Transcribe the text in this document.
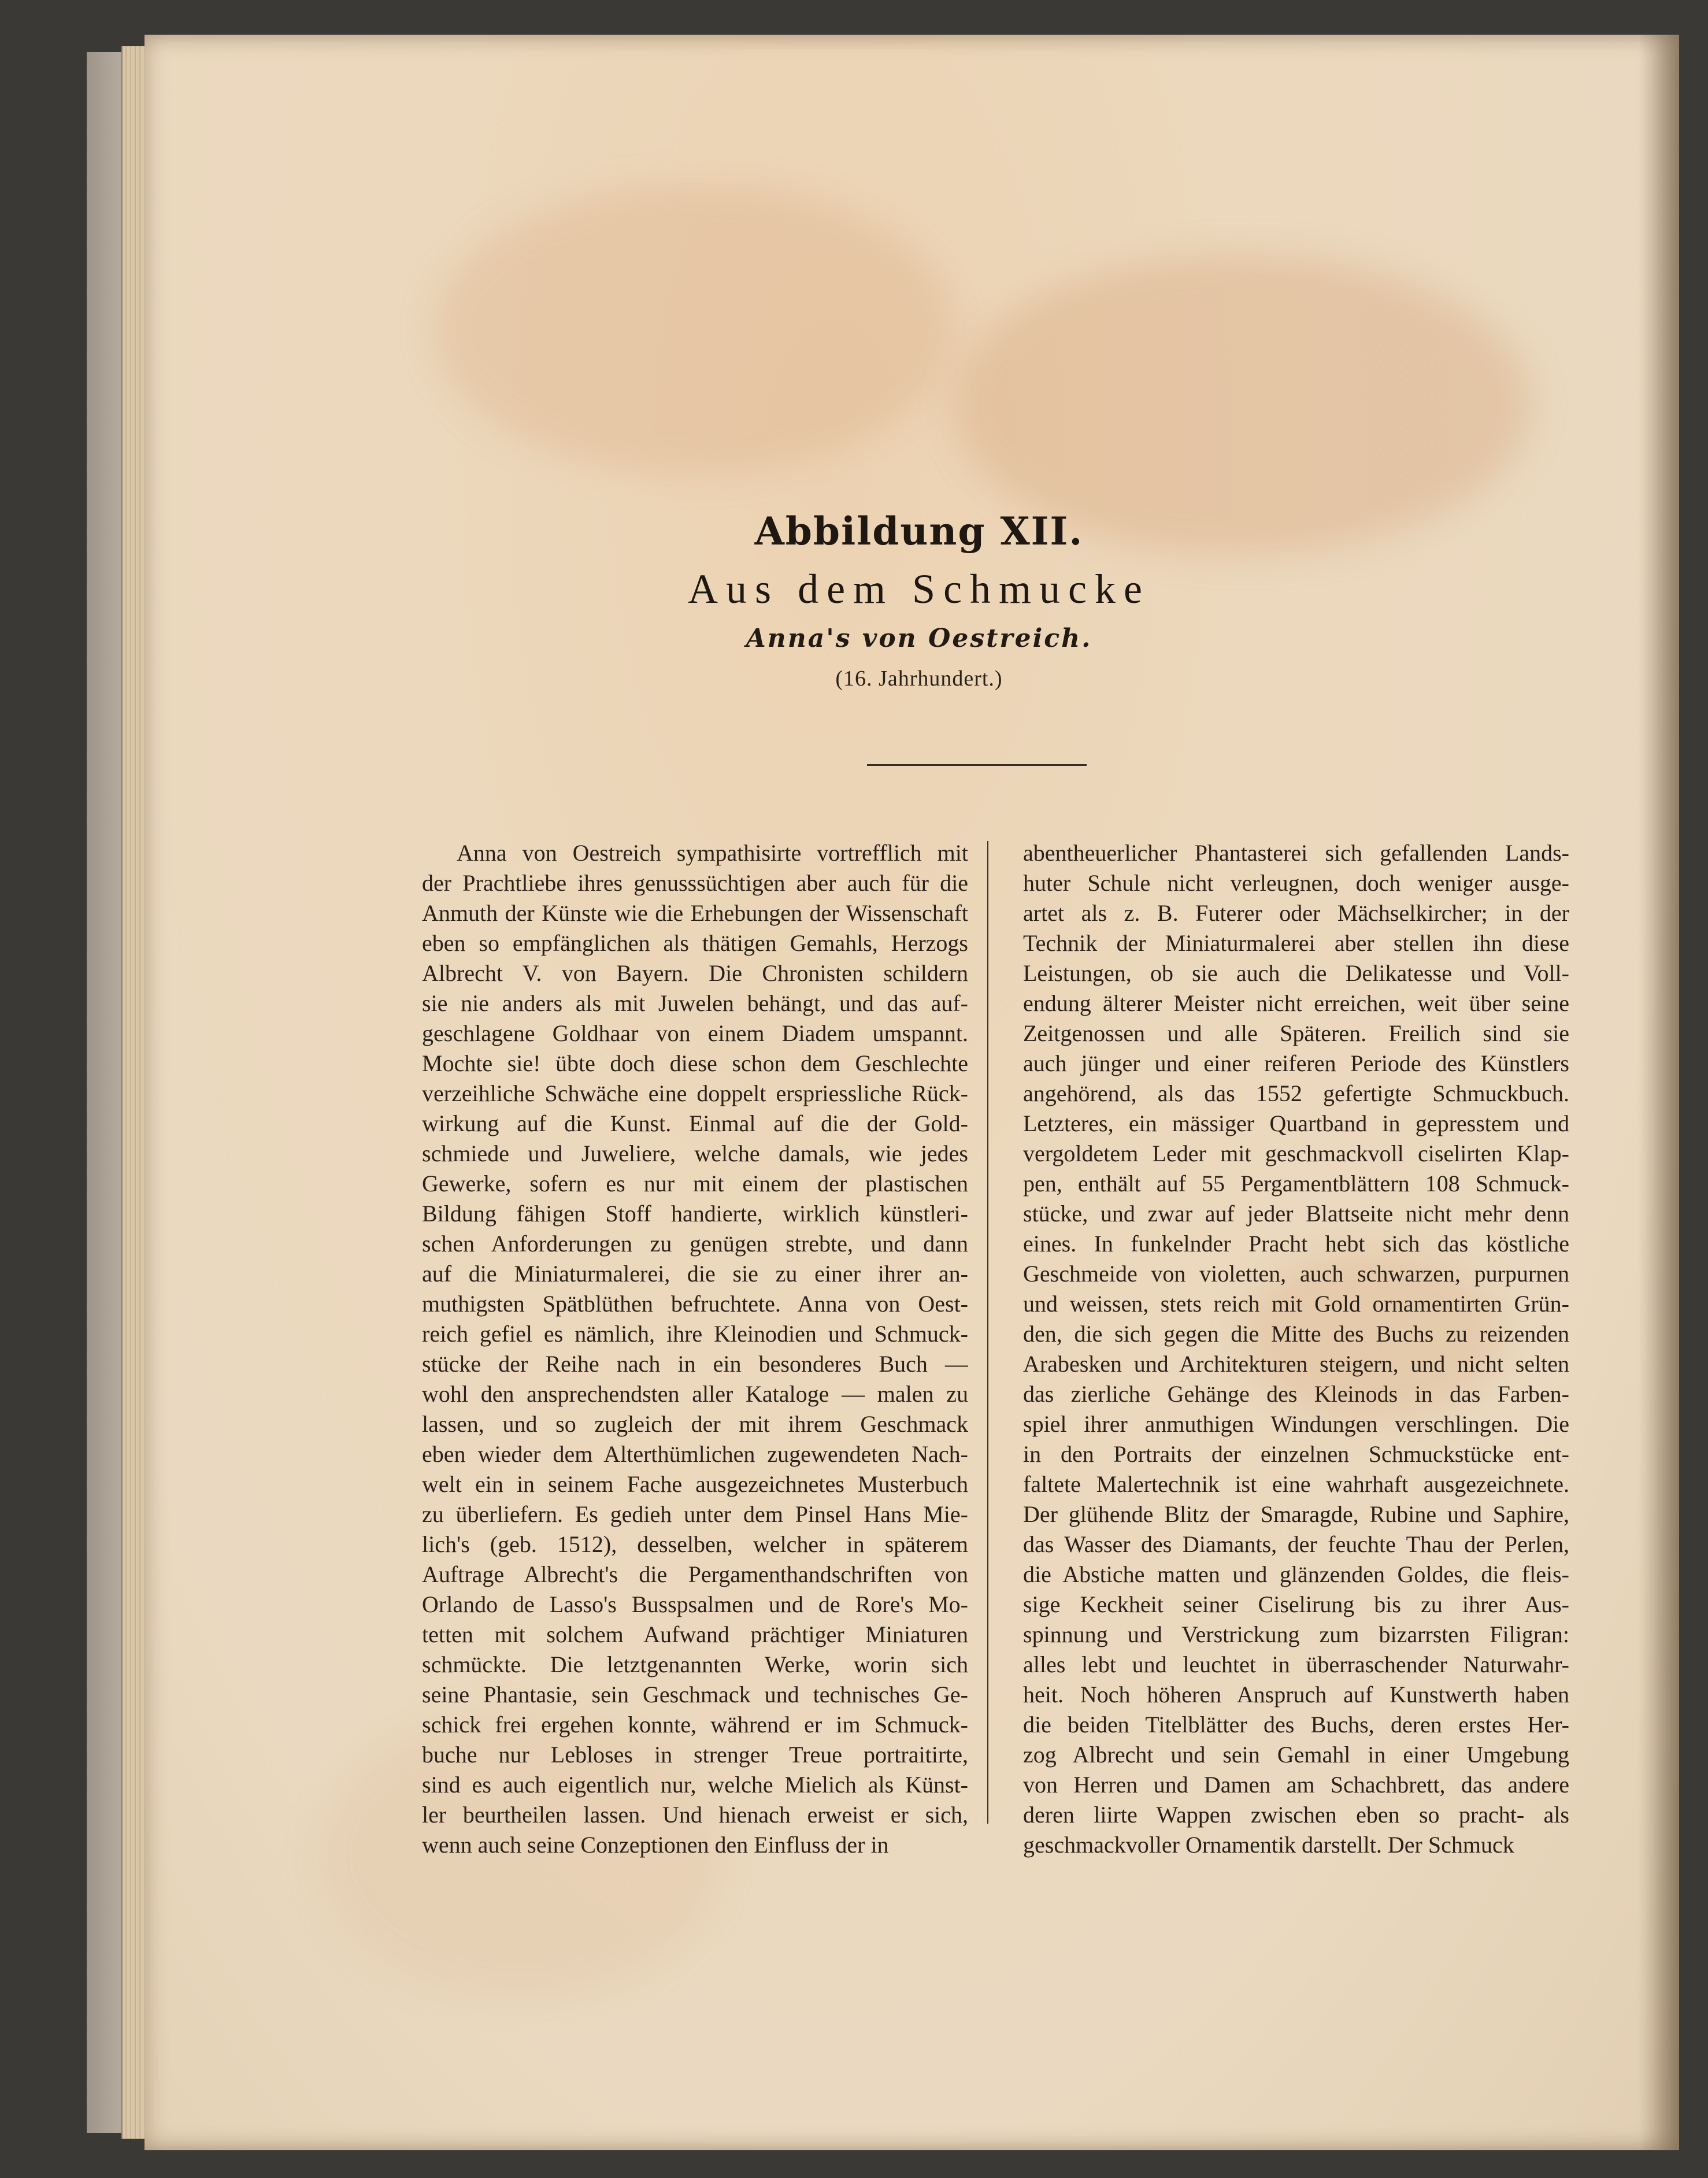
Abbildung XII.
Aus dem Schmucke
Anna's von Oestreich.
(16. Jahrhundert.)
Anna von Oestreich sympathisirte vortrefflich mit
der Prachtliebe ihres genusssüchtigen aber auch für die
Anmuth der Künste wie die Erhebungen der Wissenschaft
eben so empfänglichen als thätigen Gemahls, Herzogs
Albrecht V. von Bayern. Die Chronisten schildern
sie nie anders als mit Juwelen behängt, und das auf-
geschlagene Goldhaar von einem Diadem umspannt.
Mochte sie! übte doch diese schon dem Geschlechte
verzeihliche Schwäche eine doppelt erspriessliche Rück-
wirkung auf die Kunst. Einmal auf die der Gold-
schmiede und Juweliere, welche damals, wie jedes
Gewerke, sofern es nur mit einem der plastischen
Bildung fähigen Stoff handierte, wirklich künstleri-
schen Anforderungen zu genügen strebte, und dann
auf die Miniaturmalerei, die sie zu einer ihrer an-
muthigsten Spätblüthen befruchtete. Anna von Oest-
reich gefiel es nämlich, ihre Kleinodien und Schmuck-
stücke der Reihe nach in ein besonderes Buch —
wohl den ansprechendsten aller Kataloge — malen zu
lassen, und so zugleich der mit ihrem Geschmack
eben wieder dem Alterthümlichen zugewendeten Nach-
welt ein in seinem Fache ausgezeichnetes Musterbuch
zu überliefern. Es gedieh unter dem Pinsel Hans Mie-
lich's (geb. 1512), desselben, welcher in späterem
Auftrage Albrecht's die Pergamenthandschriften von
Orlando de Lasso's Busspsalmen und de Rore's Mo-
tetten mit solchem Aufwand prächtiger Miniaturen
schmückte. Die letztgenannten Werke, worin sich
seine Phantasie, sein Geschmack und technisches Ge-
schick frei ergehen konnte, während er im Schmuck-
buche nur Lebloses in strenger Treue portraitirte,
sind es auch eigentlich nur, welche Mielich als Künst-
ler beurtheilen lassen. Und hienach erweist er sich,
wenn auch seine Conzeptionen den Einfluss der in
abentheuerlicher Phantasterei sich gefallenden Lands-
huter Schule nicht verleugnen, doch weniger ausge-
artet als z. B. Futerer oder Mächselkircher; in der
Technik der Miniaturmalerei aber stellen ihn diese
Leistungen, ob sie auch die Delikatesse und Voll-
endung älterer Meister nicht erreichen, weit über seine
Zeitgenossen und alle Späteren. Freilich sind sie
auch jünger und einer reiferen Periode des Künstlers
angehörend, als das 1552 gefertigte Schmuckbuch.
Letzteres, ein mässiger Quartband in gepresstem und
vergoldetem Leder mit geschmackvoll ciselirten Klap-
pen, enthält auf 55 Pergamentblättern 108 Schmuck-
stücke, und zwar auf jeder Blattseite nicht mehr denn
eines. In funkelnder Pracht hebt sich das köstliche
Geschmeide von violetten, auch schwarzen, purpurnen
und weissen, stets reich mit Gold ornamentirten Grün-
den, die sich gegen die Mitte des Buchs zu reizenden
Arabesken und Architekturen steigern, und nicht selten
das zierliche Gehänge des Kleinods in das Farben-
spiel ihrer anmuthigen Windungen verschlingen. Die
in den Portraits der einzelnen Schmuckstücke ent-
faltete Malertechnik ist eine wahrhaft ausgezeichnete.
Der glühende Blitz der Smaragde, Rubine und Saphire,
das Wasser des Diamants, der feuchte Thau der Perlen,
die Abstiche matten und glänzenden Goldes, die fleis-
sige Keckheit seiner Ciselirung bis zu ihrer Aus-
spinnung und Verstrickung zum bizarrsten Filigran:
alles lebt und leuchtet in überraschender Naturwahr-
heit. Noch höheren Anspruch auf Kunstwerth haben
die beiden Titelblätter des Buchs, deren erstes Her-
zog Albrecht und sein Gemahl in einer Umgebung
von Herren und Damen am Schachbrett, das andere
deren liirte Wappen zwischen eben so pracht- als
geschmackvoller Ornamentik darstellt. Der Schmuck
